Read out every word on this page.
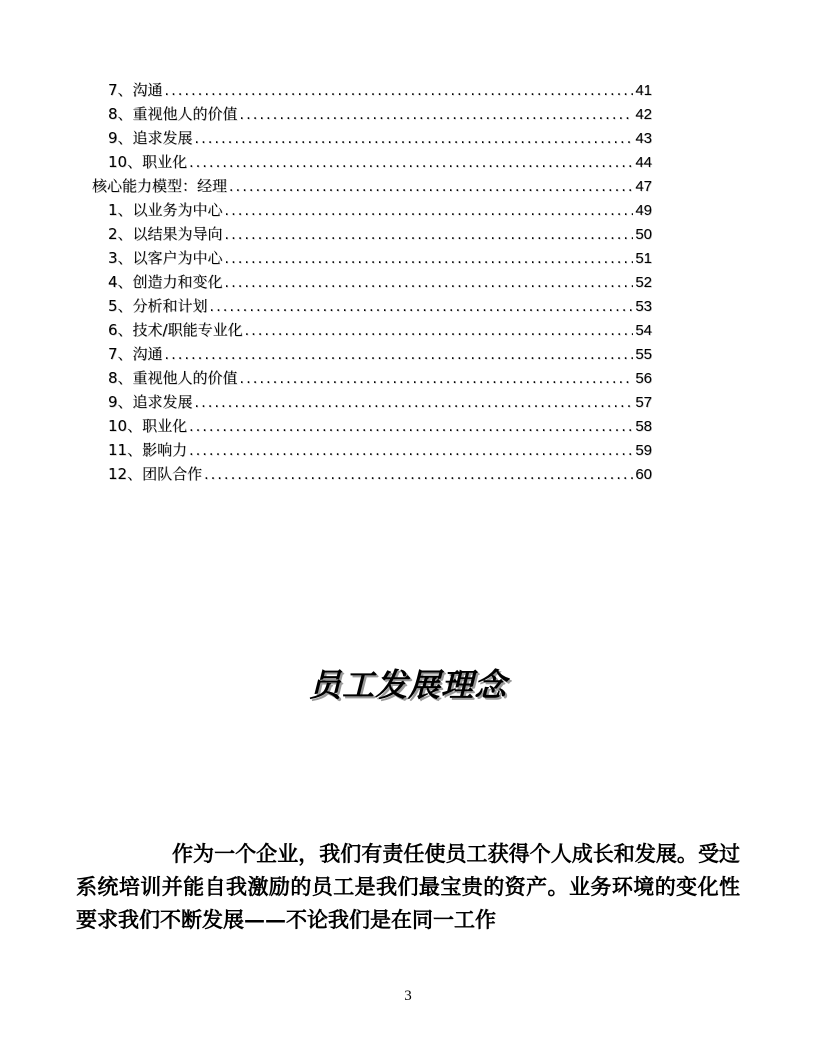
7、沟通 .....	41
8、重视他人的价值 .....	42
9、追求发展 .....	43
10、职业化 .....	44
核心能力模型：经理 .....	47
1、以业务为中心 .....	49
2、以结果为导向 .....	50
3、以客户为中心 .....	51
4、创造力和变化 .....	52
5、分析和计划 .....	53
6、技术/职能专业化 .....	54
7、沟通 .....	55
8、重视他人的价值 .....	56
9、追求发展 .....	57
10、职业化 .....	58
11、影响力 .....	59
12、团队合作 .....	60
员工发展理念

作为一个企业，我们有责任使员工获得个人成长和发展。受过系统培训并能自我激励的员工是我们最宝贵的资产。业务环境的变化性要求我们不断发展——不论我们是在同一工作

3
